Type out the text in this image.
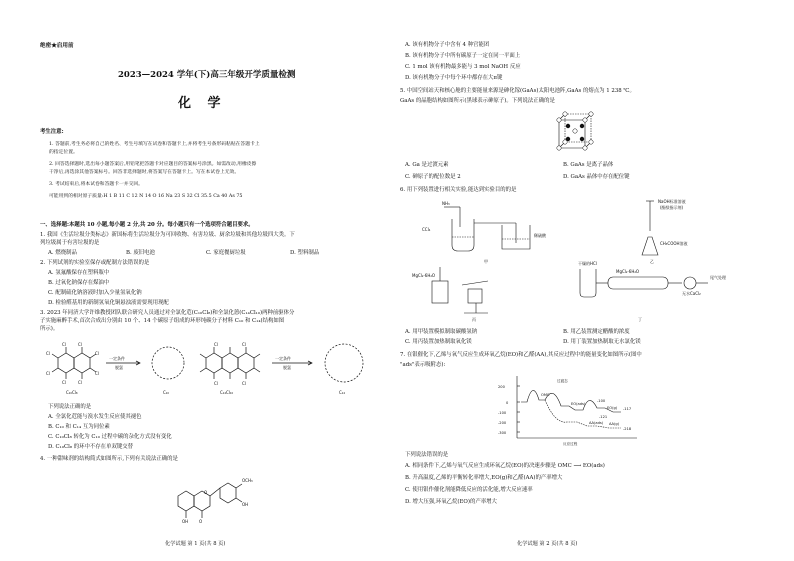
绝密★启用前
2023—2024 学年(下)高三年级开学质量检测
化 学
考生注意:
1. 答题前,考生务必将自己的姓名、考生号填写在试卷和答题卡上,并将考生号条形码粘贴在答题卡上
的指定位置。
2. 回答选择题时,选出每小题答案后,用铅笔把答题卡对应题目的答案标号涂黑。如需改动,用橡皮擦
干净后,再选涂其他答案标号。回答非选择题时,将答案写在答题卡上。写在本试卷上无效。
3. 考试结束后,将本试卷和答题卡一并交回。
可能用到的相对原子质量:H 1 B 11 C 12 N 14 O 16 Na 23 S 32 Cl 35.5 Ca 40 As 75
一、选择题:本题共 10 小题,每小题 2 分,共 20 分。每小题只有一个选项符合题目要求。
1. 我国《生活垃圾分类标志》新国标将生活垃圾分为可回收物、有害垃圾、厨余垃圾和其他垃圾四大类。下
列垃圾属于有害垃圾的是
A. 燃烧制品	B. 废旧电池	C. 家庭餐厨垃圾	D. 塑料制品
2. 下列试剂的实验室保存或配制方法错误的是
A. 氢氟酸保存在塑料瓶中
B. 过氧化钠保存在煤油中
C. 配制硫化钠溶液时加入少量氢氧化钠
D. 检验醛基用的新制氢氧化铜悬浊液需要现用现配
3. 2023 年同济大学许维教授团队联合研究人员通过对全氯化苊(C₁₀Cl₈)和全氯化蒽(C₁₄Cl₁₀)两种前驱体分
子实施麻醉手术,首次合成出分别由 10 个、14 个碳原子组成的环形纯碳分子材料 C₁₀ 和 C₁₄(结构如图
所示)。
Cl
Cl
Cl	Cl
Cl	Cl
Cl
Cl
一定条件
脱氯
C₁₀Cl₈	C₁₀
Cl	Cl
Cl	Cl
一定条件
脱氯
C₁₄Cl₁₀	C₁₄
下列说法正确的是
A. 全氯化苊能与溴水发生反应使其褪色
B. C₁₀ 和 C₁₄ 互为同位素
C. C₁₀Cl₈ 转化为 C₁₀ 过程中碳的杂化方式没有变化
D. C₁₀Cl₈ 的环中不存在单双键交替
4. 一种甜味剂的结构简式如图所示,下列有关说法正确的是
OCH₃
OH
O
O
OH
化学试题 第 1 页(共 8 页)
A. 该有机物分子中含有 4 种官能团
B. 该有机物分子中所有碳原子一定在同一平面上
C. 1 mol 该有机物最多能与 3 mol NaOH 反应
D. 该有机物分子中每个环中都存在大π键
5. 中国空间站天和核心舱的主要能量来源是砷化镓(GaAs)太阳电池阵,GaAs 的熔点为 1 238 ℃。
GaAs 的晶胞结构如图所示(黑球表示砷原子)。下列说法正确的是
A. Ga 是过渡元素	B. GaAs 是离子晶体
C. 砷原子的配位数是 2	D. GaAs 晶体中存在配位键
6. 用下列装置进行相关实验,能达到实验目的的是
NH₃
CCl₄
稀硫酸
甲
NaOH标准溶液
(酚酞指示剂)
CH₃COOH溶液
乙
MgCl₂·6H₂O
丙
干燥的HCl
MgCl₂·6H₂O
无水CaCl₂
尾气处理
丁
A. 用甲装置模拟制取碳酸氢钠	B. 用乙装置测定醋酸的浓度
C. 用丙装置加热制取氧化镁	D. 用丁装置加热制取无水氯化镁
7. 在银催化下,乙烯与氧气反应生成环氧乙烷(EO)和乙醛(AA),其反应过程中的能量变化如图所示(图中
"ads"表示吸附态):
200
0
-100
-200
-300
过渡态
OMC
EO(ads)
AA(ads)
EO(g)
AA(g)
-117
-218
-100
-121
反应过程
下列说法错误的是
A. 相同条件下,乙烯与氧气反应生成环氧乙烷(EO)的决速步骤是 OMC ⟶ EO(ads)
B. 升高温度,乙烯的平衡转化率增大,EO(g)和乙醛(AA)的产率增大
C. 使用银作催化剂能降低反应的活化能,增大反应速率
D. 增大压强,环氧乙烷(EO)的产率增大
化学试题 第 2 页(共 8 页)
